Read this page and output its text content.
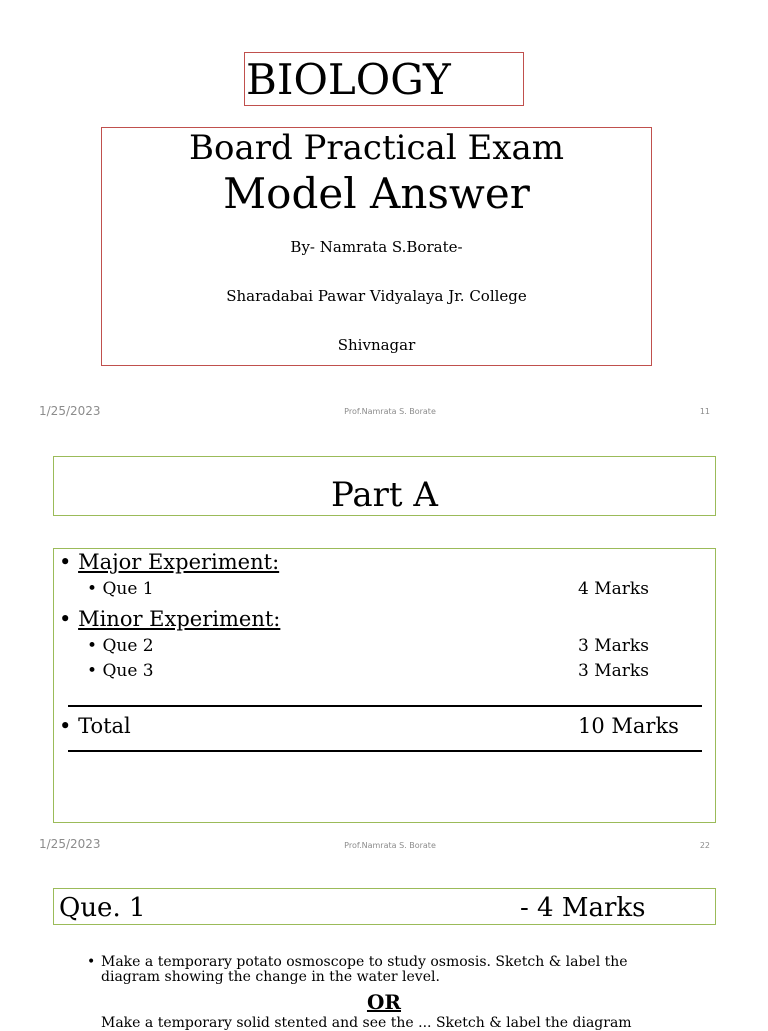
BIOLOGY
Board Practical Exam
Model Answer
By- Namrata S.Borate-
Sharadabai Pawar Vidyalaya Jr. College
Shivnagar
1/25/2023	Prof.Namrata S. Borate	11
Part A
• Major Experiment:
• Que 1	4 Marks
• Minor Experiment:
• Que 2	3 Marks
• Que 3	3 Marks
• Total	10 Marks
1/25/2023	Prof.Namrata S. Borate	22
Que. 1	- 4 Marks
• Make a temporary potato osmoscope to study osmosis. Sketch & label the diagram showing the change in the water level.
OR
Make a temporary solid stented and see the ... Sketch & label the diagram
